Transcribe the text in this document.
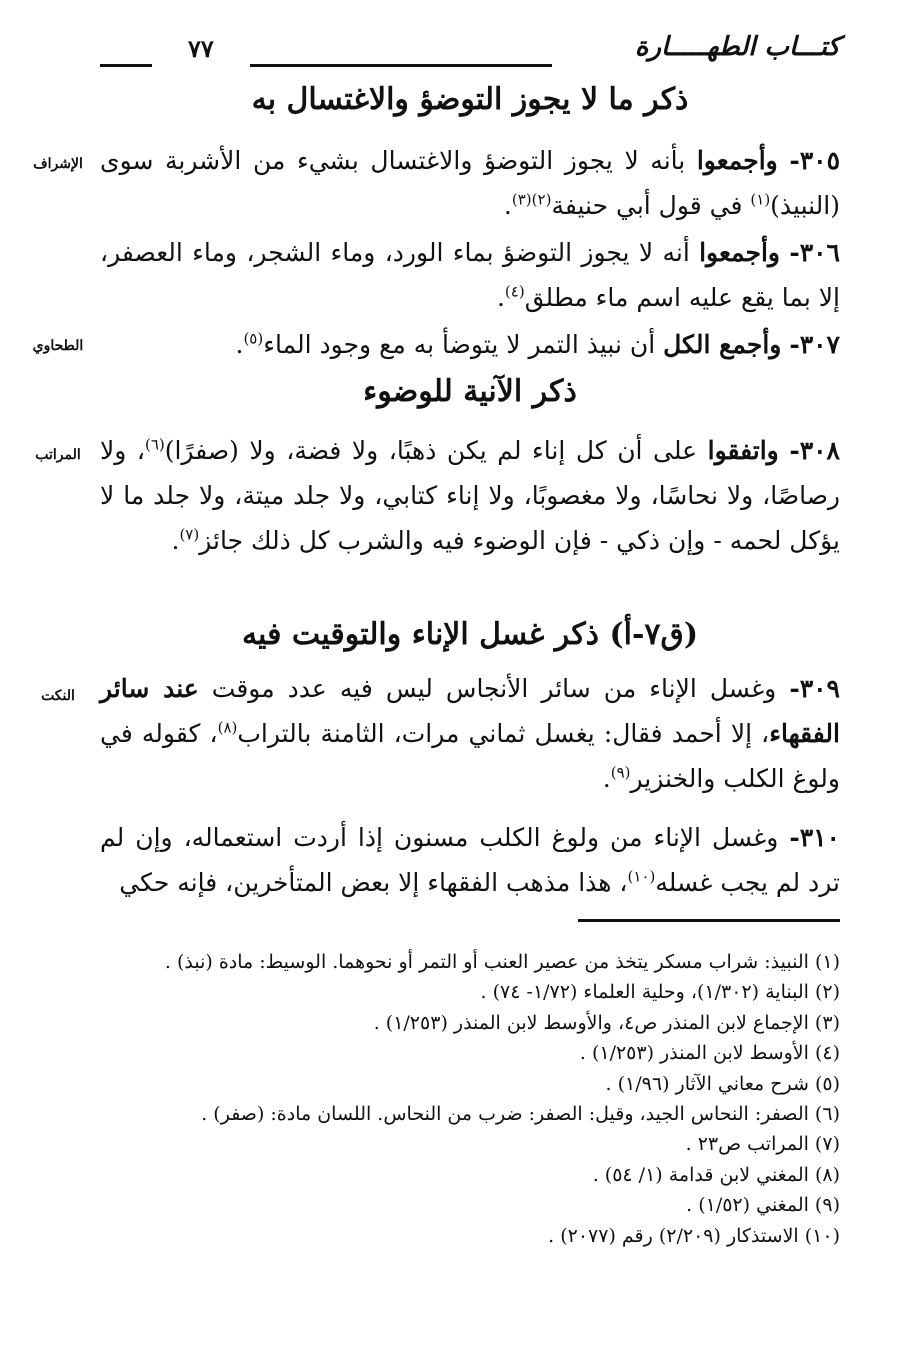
كتـــاب الطهـــــارة
٧٧
ذكر ما لا يجوز التوضؤ والاغتسال به
٣٠٥- وأجمعوا بأنه لا يجوز التوضؤ والاغتسال بشيء من الأشربة سوى (النبيذ)$^{(١)}$ في قول أبي حنيفة$^{(٢)(٣)}$.
الإشراف
٣٠٦- وأجمعوا أنه لا يجوز التوضؤ بماء الورد، وماء الشجر، وماء العصفر، إلا بما يقع عليه اسم ماء مطلق$^{(٤)}$.
٣٠٧- وأجمع الكل أن نبيذ التمر لا يتوضأ به مع وجود الماء$^{(٥)}$.
الطحاوي
ذكر الآنية للوضوء
٣٠٨- واتفقوا على أن كل إناء لم يكن ذهبًا، ولا فضة، ولا (صفرًا)$^{(٦)}$، ولا رصاصًا، ولا نحاسًا، ولا مغصوبًا، ولا إناء كتابي، ولا جلد ميتة، ولا جلد ما لا يؤكل لحمه - وإن ذكي - فإن الوضوء فيه والشرب كل ذلك جائز$^{(٧)}$.
المراتب
(ق٧-أ) ذكر غسل الإناء والتوقيت فيه
٣٠٩- وغسل الإناء من سائر الأنجاس ليس فيه عدد موقت عند سائر الفقهاء، إلا أحمد فقال: يغسل ثماني مرات، الثامنة بالتراب$^{(٨)}$، كقوله في ولوغ الكلب والخنزير$^{(٩)}$.
النكت
٣١٠- وغسل الإناء من ولوغ الكلب مسنون إذا أردت استعماله، وإن لم ترد لم يجب غسله$^{(١٠)}$، هذا مذهب الفقهاء إلا بعض المتأخرين، فإنه حكي
(١) النبيذ: شراب مسكر يتخذ من عصير العنب أو التمر أو نحوهما. الوسيط: مادة (نبذ) .
(٢) البناية (١/٣٠٢)، وحلية العلماء (١/٧٢- ٧٤) .
(٣) الإجماع لابن المنذر ص٤، والأوسط لابن المنذر (١/٢٥٣) .
(٤) الأوسط لابن المنذر (١/٢٥٣) .
(٥) شرح معاني الآثار (١/٩٦) .
(٦) الصفر: النحاس الجيد، وقيل: الصفر: ضرب من النحاس. اللسان مادة: (صفر) .
(٧) المراتب ص٢٣ .
(٨) المغني لابن قدامة (١/ ٥٤) .
(٩) المغني (١/٥٢) .
(١٠) الاستذكار (٢/٢٠٩) رقم (٢٠٧٧) .
